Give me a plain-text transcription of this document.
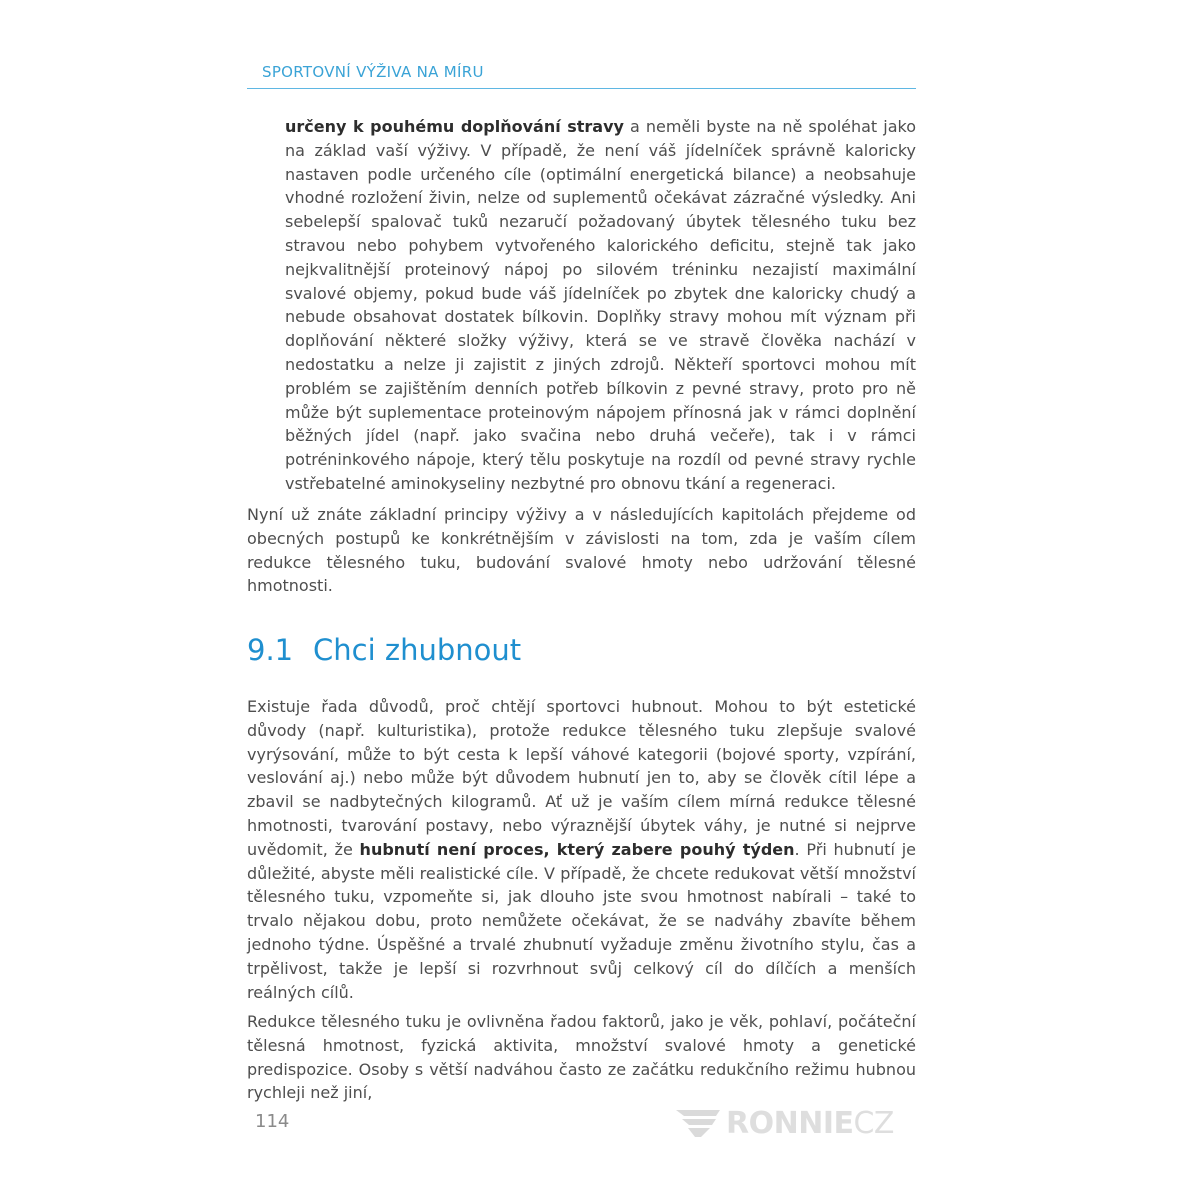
SPORTOVNÍ VÝŽIVA NA MÍRU

určeny k pouhému doplňování stravy a neměli byste na ně spoléhat jako na základ vaší výživy. V případě, že není váš jídelníček správně kaloricky nastaven podle určeného cíle (optimální energetická bilance) a neobsahuje vhodné rozložení živin, nelze od suplementů očekávat zázračné výsledky. Ani sebelepší spalovač tuků nezaručí požadovaný úbytek tělesného tuku bez stravou nebo pohybem vytvořeného kalorického deficitu, stejně tak jako nejkvalitnější proteinový nápoj po silovém tréninku nezajistí maximální svalové objemy, pokud bude váš jídelníček po zbytek dne kaloricky chudý a nebude obsahovat dostatek bílkovin. Doplňky stravy mohou mít význam při doplňování některé složky výživy, která se ve stravě člověka nachází v nedostatku a nelze ji zajistit z jiných zdrojů. Někteří sportovci mohou mít problém se zajištěním denních potřeb bílkovin z pevné stravy, proto pro ně může být suplementace proteinovým nápojem přínosná jak v rámci doplnění běžných jídel (např. jako svačina nebo druhá večeře), tak i v rámci potréninkového nápoje, který tělu poskytuje na rozdíl od pevné stravy rychle vstřebatelné aminokyseliny nezbytné pro obnovu tkání a regeneraci.

Nyní už znáte základní principy výživy a v následujících kapitolách přejdeme od obecných postupů ke konkrétnějším v závislosti na tom, zda je vaším cílem redukce tělesného tuku, budování svalové hmoty nebo udržování tělesné hmotnosti.

9.1 Chci zhubnout

Existuje řada důvodů, proč chtějí sportovci hubnout. Mohou to být estetické důvody (např. kulturistika), protože redukce tělesného tuku zlepšuje svalové vyrýsování, může to být cesta k lepší váhové kategorii (bojové sporty, vzpírání, veslování aj.) nebo může být důvodem hubnutí jen to, aby se člověk cítil lépe a zbavil se nadbytečných kilogramů. Ať už je vaším cílem mírná redukce tělesné hmotnosti, tvarování postavy, nebo výraznější úbytek váhy, je nutné si nejprve uvědomit, že hubnutí není proces, který zabere pouhý týden. Při hubnutí je důležité, abyste měli realistické cíle. V případě, že chcete redukovat větší množství tělesného tuku, vzpomeňte si, jak dlouho jste svou hmotnost nabírali – také to trvalo nějakou dobu, proto nemůžete očekávat, že se nadváhy zbavíte během jednoho týdne. Úspěšné a trvalé zhubnutí vyžaduje změnu životního stylu, čas a trpělivost, takže je lepší si rozvrhnout svůj celkový cíl do dílčích a menších reálných cílů.

Redukce tělesného tuku je ovlivněna řadou faktorů, jako je věk, pohlaví, počáteční tělesná hmotnost, fyzická aktivita, množství svalové hmoty a genetické predispozice. Osoby s větší nadváhou často ze začátku redukčního režimu hubnou rychleji než jiní,

114	RONNIECZ
